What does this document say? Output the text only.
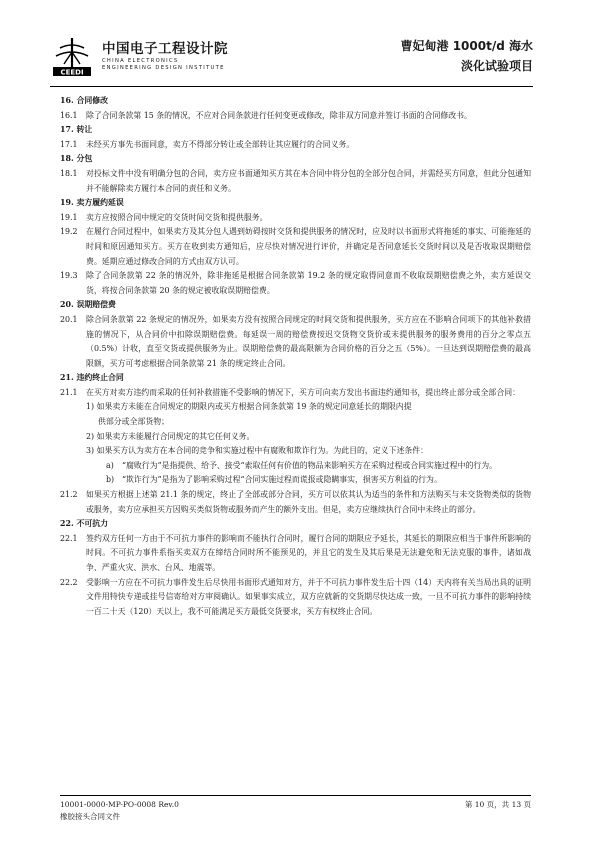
CEEDI
中国电子工程设计院
CHINA ELECTRONICS
ENGINEERING DESIGN INSTITUTE
曹妃甸港 1000t/d 海水
淡化试验项目
16. 合同修改
16.1	除了合同条款第 15 条的情况，不应对合同条款进行任何变更或修改，除非双方同意并签订书面的合同修改书。
17. 转让
17.1	未经买方事先书面同意，卖方不得部分转让或全部转让其应履行的合同义务。
18. 分包
18.1	对投标文件中没有明确分包的合同，卖方应书面通知买方其在本合同中将分包的全部分包合同，并需经买方同意，但此分包通知并不能解除卖方履行本合同的责任和义务。
19. 卖方履约延误
19.1	卖方应按照合同中规定的交货时间交货和提供服务。
19.2	在履行合同过程中，如果卖方及其分包人遇到妨碍按时交货和提供服务的情况时，应及时以书面形式将拖延的事实、可能拖延的时间和原因通知买方。买方在收到卖方通知后，应尽快对情况进行评价，并确定是否同意延长交货时间以及是否收取误期赔偿费。延期应通过修改合同的方式由双方认可。
19.3	除了合同条款第 22 条的情况外，除非拖延是根据合同条款第 19.2 条的规定取得同意而不收取误期赔偿费之外，卖方延误交货，将按合同条款第 20 条的规定被收取误期赔偿费。
20. 误期赔偿费
20.1	除合同条款第 22 条规定的情况外，如果卖方没有按照合同规定的时间交货和提供服务，买方应在不影响合同项下的其他补救措施的情况下，从合同价中扣除误期赔偿费。每延误一周的赔偿费按迟交货物交货价或未提供服务的服务费用的百分之零点五（0.5%）计收，直至交货或提供服务为止。误期赔偿费的最高限额为合同价格的百分之五（5%）。一旦达到误期赔偿费的最高限额，买方可考虑根据合同条款第 21 条的规定终止合同。
21. 违约终止合同
21.1	在买方对卖方违约而采取的任何补救措施不受影响的情况下，买方可向卖方发出书面违约通知书，提出终止部分或全部合同：
1) 如果卖方未能在合同规定的期限内或买方根据合同条款第 19 条的规定同意延长的期限内提
供部分或全部货物；
2) 如果卖方未能履行合同规定的其它任何义务。
3) 如果买方认为卖方在本合同的竞争和实施过程中有腐败和欺诈行为。为此目的，定义下述条件：
a)	“腐败行为”是指提供、给予、接受“索取任何有价值的物品来影响买方在采购过程或合同实施过程中的行为。
b) “欺诈行为”是指为了影响采购过程“合同实施过程而谎报或隐瞒事实，损害买方利益的行为。
21.2	如果买方根据上述第 21.1 条的规定，终止了全部或部分合同，买方可以依其认为适当的条件和方法购买与未交货物类似的货物或服务，卖方应承担买方因购买类似货物或服务而产生的额外支出。但是，卖方应继续执行合同中未终止的部分。
22. 不可抗力
22.1	签约双方任何一方由于不可抗力事件的影响而不能执行合同时，履行合同的期限应予延长，其延长的期限应相当于事件所影响的时间。不可抗力事件系指买卖双方在缔结合同时所不能预见的，并且它的发生及其后果是无法避免和无法克服的事件，诸如战争、严重火灾、洪水、台风、地震等。
22.2	受影响一方应在不可抗力事件发生后尽快用书面形式通知对方，并于不可抗力事件发生后十四（14）天内将有关当局出具的证明文件用特快专递或挂号信寄给对方审阅确认。如果事实成立，双方应就新的交货期尽快达成一致，一旦不可抗力事件的影响持续一百二十天（120）天以上，我不可能满足买方最低交货要求，买方有权终止合同。
10001-0000-MP-PO-0008 Rev.0
橡胶接头合同文件
第 10 页，共 13 页
